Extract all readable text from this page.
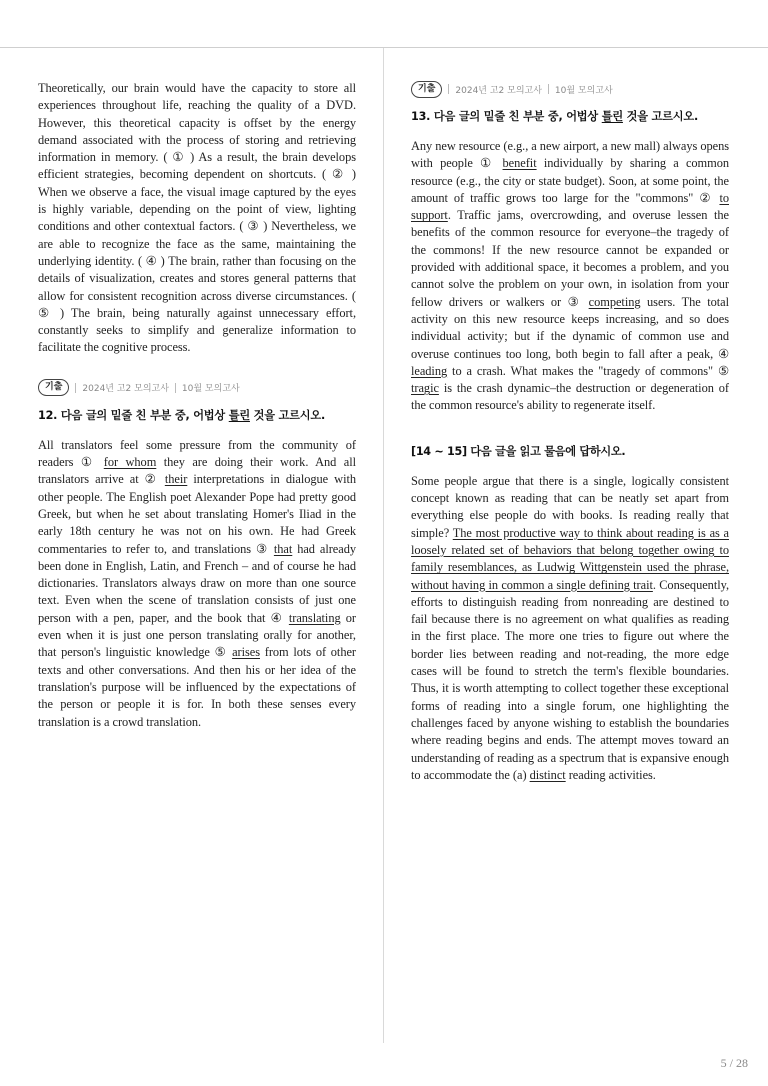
Theoretically, our brain would have the capacity to store all experiences throughout life, reaching the quality of a DVD. However, this theoretical capacity is offset by the energy demand associated with the process of storing and retrieving information in memory. ( ① ) As a result, the brain develops efficient strategies, becoming dependent on shortcuts. ( ② ) When we observe a face, the visual image captured by the eyes is highly variable, depending on the point of view, lighting conditions and other contextual factors. ( ③ ) Nevertheless, we are able to recognize the face as the same, maintaining the underlying identity. ( ④ ) The brain, rather than focusing on the details of visualization, creates and stores general patterns that allow for consistent recognition across diverse circumstances. ( ⑤ ) The brain, being naturally against unnecessary effort, constantly seeks to simplify and generalize information to facilitate the cognitive process.

기출	2024년 고2 모의고사 10월 모의고사
12. 다음 글의 밑줄 친 부분 중, 어법상 틀린 것을 고르시오.

All translators feel some pressure from the community of readers ① for whom they are doing their work. And all translators arrive at ② their interpretations in dialogue with other people. The English poet Alexander Pope had pretty good Greek, but when he set about translating Homer's Iliad in the early 18th century he was not on his own. He had Greek commentaries to refer to, and translations ③ that had already been done in English, Latin, and French – and of course he had dictionaries. Translators always draw on more than one source text. Even when the scene of translation consists of just one person with a pen, paper, and the book that ④ translating or even when it is just one person translating orally for another, that person's linguistic knowledge ⑤ arises from lots of other texts and other conversations. And then his or her idea of the translation's purpose will be influenced by the expectations of the person or people it is for. In both these senses every translation is a crowd translation.

기출	2024년 고2 모의고사 10월 모의고사
13. 다음 글의 밑줄 친 부분 중, 어법상 틀린 것을 고르시오.

Any new resource (e.g., a new airport, a new mall) always opens with people ① benefit individually by sharing a common resource (e.g., the city or state budget). Soon, at some point, the amount of traffic grows too large for the "commons" ② to support. Traffic jams, overcrowding, and overuse lessen the benefits of the common resource for everyone–the tragedy of the commons! If the new resource cannot be expanded or provided with additional space, it becomes a problem, and you cannot solve the problem on your own, in isolation from your fellow drivers or walkers or ③ competing users. The total activity on this new resource keeps increasing, and so does individual activity; but if the dynamic of common use and overuse continues too long, both begin to fall after a peak, ④ leading to a crash. What makes the "tragedy of commons" ⑤ tragic is the crash dynamic–the destruction or degeneration of the common resource's ability to regenerate itself.

[14 ~ 15] 다음 글을 읽고 물음에 답하시오.

Some people argue that there is a single, logically consistent concept known as reading that can be neatly set apart from everything else people do with books. Is reading really that simple? The most productive way to think about reading is as a loosely related set of behaviors that belong together owing to family resemblances, as Ludwig Wittgenstein used the phrase, without having in common a single defining trait. Consequently, efforts to distinguish reading from nonreading are destined to fail because there is no agreement on what qualifies as reading in the first place. The more one tries to figure out where the border lies between reading and not-reading, the more edge cases will be found to stretch the term's flexible boundaries. Thus, it is worth attempting to collect together these exceptional forms of reading into a single forum, one highlighting the challenges faced by anyone wishing to establish the boundaries where reading begins and ends. The attempt moves toward an understanding of reading as a spectrum that is expansive enough to accommodate the (a) distinct reading activities.

5 / 28
